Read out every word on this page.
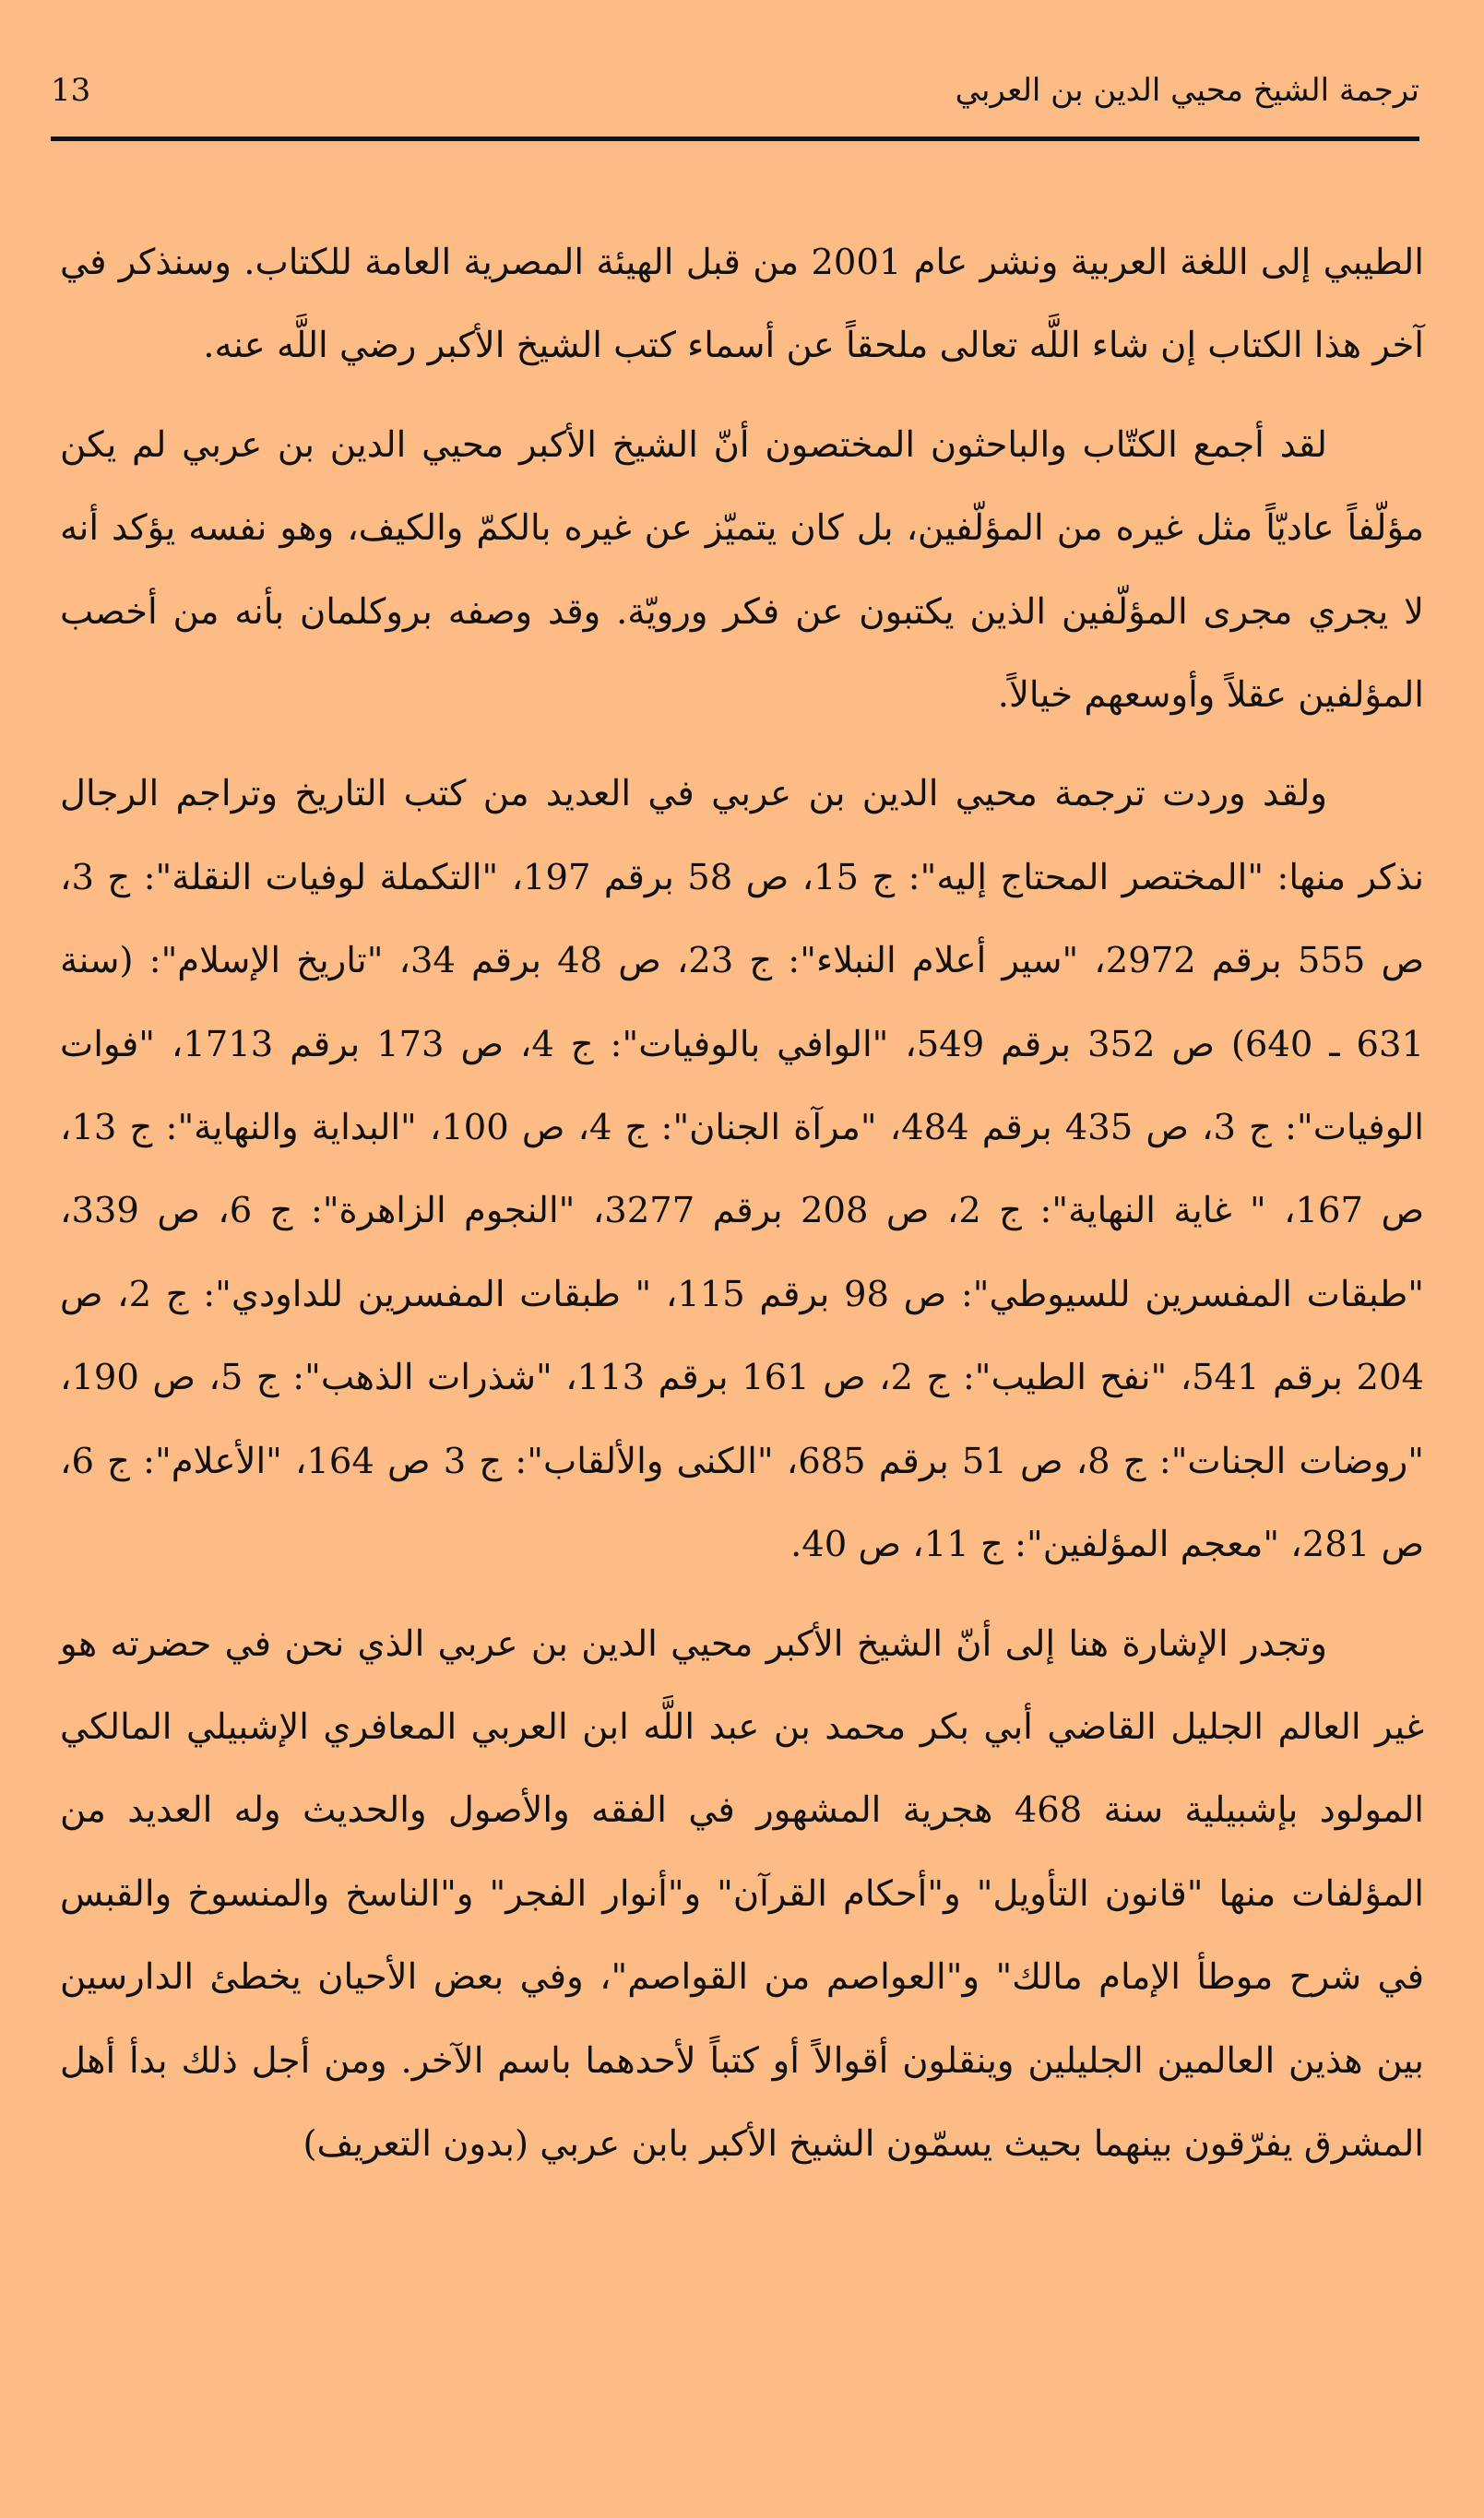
13	ترجمة الشيخ محيي الدين بن العربي

الطيبي إلى اللغة العربية ونشر عام 2001 من قبل الهيئة المصرية العامة للكتاب. وسنذكر في آخر هذا الكتاب إن شاء اللَّه تعالى ملحقاً عن أسماء كتب الشيخ الأكبر رضي اللَّه عنه.

لقد أجمع الكتّاب والباحثون المختصون أنّ الشيخ الأكبر محيي الدين بن عربي لم يكن مؤلّفاً عاديّاً مثل غيره من المؤلّفين، بل كان يتميّز عن غيره بالكمّ والكيف، وهو نفسه يؤكد أنه لا يجري مجرى المؤلّفين الذين يكتبون عن فكر ورويّة. وقد وصفه بروكلمان بأنه من أخصب المؤلفين عقلاً وأوسعهم خيالاً.

ولقد وردت ترجمة محيي الدين بن عربي في العديد من كتب التاريخ وتراجم الرجال نذكر منها: "المختصر المحتاج إليه": ج 15، ص 58 برقم 197، "التكملة لوفيات النقلة": ج 3، ص 555 برقم 2972، "سير أعلام النبلاء": ج 23، ص 48 برقم 34، "تاريخ الإسلام": (سنة 631 ـ 640) ص 352 برقم 549، "الوافي بالوفيات": ج 4، ص 173 برقم 1713، "فوات الوفيات": ج 3، ص 435 برقم 484، "مرآة الجنان": ج 4، ص 100، "البداية والنهاية": ج 13، ص 167، " غاية النهاية": ج 2، ص 208 برقم 3277، "النجوم الزاهرة": ج 6، ص 339، "طبقات المفسرين للسيوطي": ص 98 برقم 115، " طبقات المفسرين للداودي": ج 2، ص 204 برقم 541، "نفح الطيب": ج 2، ص 161 برقم 113، "شذرات الذهب": ج 5، ص 190، "روضات الجنات": ج 8، ص 51 برقم 685، "الكنى والألقاب": ج 3 ص 164، "الأعلام": ج 6، ص 281، "معجم المؤلفين": ج 11، ص 40.

وتجدر الإشارة هنا إلى أنّ الشيخ الأكبر محيي الدين بن عربي الذي نحن في حضرته هو غير العالم الجليل القاضي أبي بكر محمد بن عبد اللَّه ابن العربي المعافري الإشبيلي المالكي المولود بإشبيلية سنة 468 هجرية المشهور في الفقه والأصول والحديث وله العديد من المؤلفات منها "قانون التأويل" و"أحكام القرآن" و"أنوار الفجر" و"الناسخ والمنسوخ والقبس في شرح موطأ الإمام مالك" و"العواصم من القواصم"، وفي بعض الأحيان يخطئ الدارسين بين هذين العالمين الجليلين وينقلون أقوالاً أو كتباً لأحدهما باسم الآخر. ومن أجل ذلك بدأ أهل المشرق يفرّقون بينهما بحيث يسمّون الشيخ الأكبر بابن عربي (بدون التعريف)
